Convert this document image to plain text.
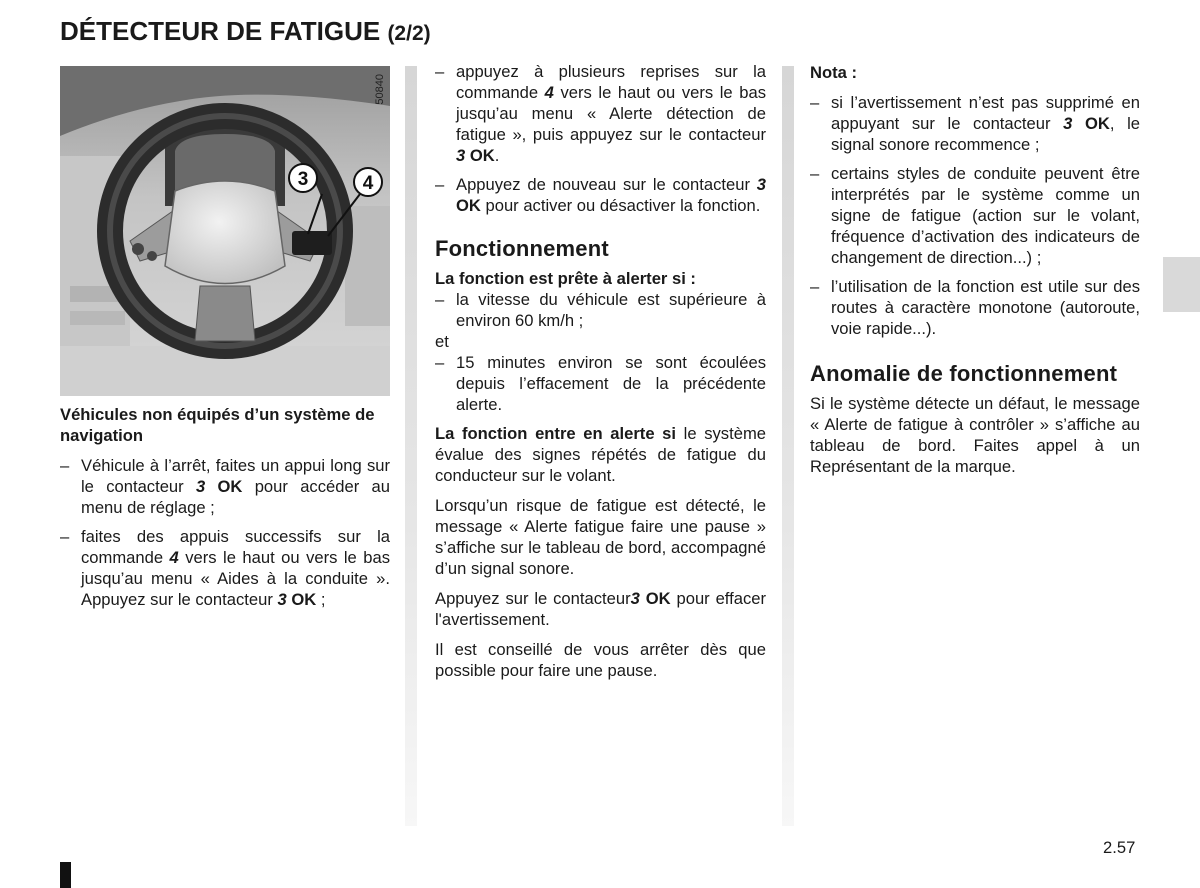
DÉTECTEUR DE FATIGUE (2/2)
2.57
3	4
50840

Véhicules non équipés d’un système de navigation

– Véhicule à l’arrêt, faites un appui long sur le contacteur 3 OK pour accéder au menu de réglage ;
– faites des appuis successifs sur la commande 4 vers le haut ou vers le bas jusqu’au menu « Aides à la conduite ». Appuyez sur le contacteur 3 OK ;
– appuyez à plusieurs reprises sur la commande 4 vers le haut ou vers le bas jusqu’au menu « Alerte détection de fatigue », puis appuyez sur le contacteur 3 OK.
– Appuyez de nouveau sur le contacteur 3 OK pour activer ou désactiver la fonction.
Fonctionnement

La fonction est prête à alerter si :

– la vitesse du véhicule est supérieure à environ 60 km/h ;

et

– 15 minutes environ se sont écoulées depuis l’effacement de la précédente alerte.

La fonction entre en alerte si le système évalue des signes répétés de fatigue du conducteur sur le volant.

Lorsqu’un risque de fatigue est détecté, le message « Alerte fatigue faire une pause » s’affiche sur le tableau de bord, accompagné d’un signal sonore.

Appuyez sur le contacteur3 OK pour effacer l'avertissement.

Il est conseillé de vous arrêter dès que possible pour faire une pause.

Nota :

– si l’avertissement n’est pas supprimé en appuyant sur le contacteur 3 OK, le signal sonore recommence ;
– certains styles de conduite peuvent être interprétés par le système comme un signe de fatigue (action sur le volant, fréquence d’activation des indicateurs de changement de direction...) ;
– l’utilisation de la fonction est utile sur des routes à caractère monotone (autoroute, voie rapide...).
Anomalie de fonctionnement

Si le système détecte un défaut, le message « Alerte de fatigue à contrôler » s’affiche au tableau de bord. Faites appel à un Représentant de la marque.
